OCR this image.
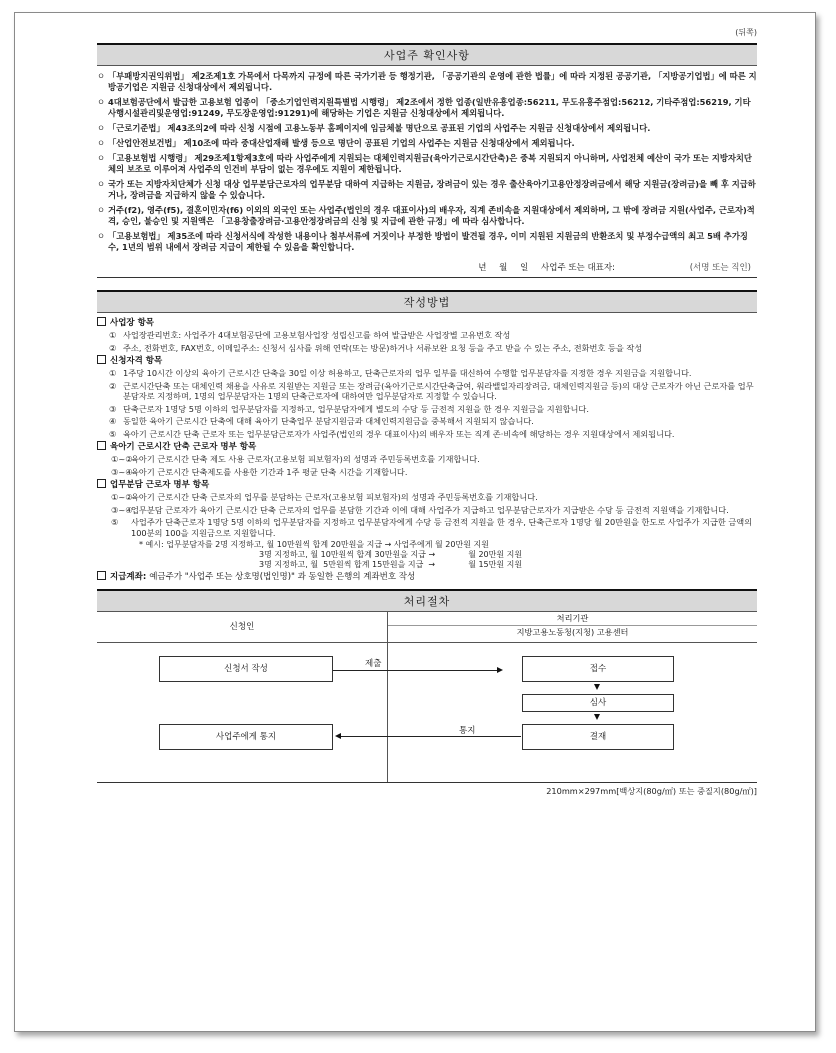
(뒤쪽)
사업주 확인사항
ㅇ 「부패방지권익위법」 제2조제1호 가목에서 다목까지 규정에 따른 국가기관 등 행정기관, 「공공기관의 운영에 관한 법률」에 따라 지정된 공공기관, 「지방공기업법」에 따른 지방공기업은 지원금 신청대상에서 제외됩니다.
ㅇ 4대보험공단에서 발급한 고용보험 업종이 「중소기업인력지원특별법 시행령」 제2조에서 정한 업종(일반유흥업종:56211, 무도유흥주점업:56212, 기타주점업:56219, 기타사행시설관리및운영업:91249, 무도장운영업:91291)에 해당하는 기업은 지원금 신청대상에서 제외됩니다.
ㅇ 「근로기준법」 제43조의2에 따라 신청 시점에 고용노동부 홈페이지에 임금체불 명단으로 공표된 기업의 사업주는 지원금 신청대상에서 제외됩니다.
ㅇ 「산업안전보건법」 제10조에 따라 중대산업재해 발생 등으로 명단이 공표된 기업의 사업주는 지원금 신청대상에서 제외됩니다.
ㅇ 「고용보험법 시행령」 제29조제1항제3호에 따라 사업주에게 지원되는 대체인력지원금(육아기근로시간단축)은 중복 지원되지 아니하며, 사업전체 예산이 국가 또는 지방자치단체의 보조로 이루어져 사업주의 인건비 부담이 없는 경우에도 지원이 제한됩니다.
ㅇ 국가 또는 지방자치단체가 신청 대상 업무분담근로자의 업무분담 대하여 지급하는 지원금, 장려금이 있는 경우 출산육아기고용안정장려금에서 해당 지원금(장려금)을 빼 후 지급하거나, 장려금을 지급하지 않을 수 있습니다.
ㅇ 거주(f2), 영주(f5), 결혼이민자(f6) 이외의 외국인 또는 사업주(법인의 경우 대표이사)의 배우자, 직계 존비속을 지원대상에서 제외하며, 그 밖에 장려금 지원(사업주, 근로자)적격, 승인, 불승인 및 지원액은 「고용창출장려금·고용안정장려금의 신청 및 지급에 관한 규정」에 따라 심사합니다.
ㅇ 「고용보험법」 제35조에 따라 신청서식에 작성한 내용이나 첨부서류에 거짓이나 부정한 방법이 발견될 경우, 이미 지원된 지원금의 반환조치 및 부정수급액의 최고 5배 추가징수, 1년의 범위 내에서 장려금 지급이 제한될 수 있음을 확인합니다.
년 월 일 사업주 또는 대표자:	(서명 또는 직인)
작성방법
사업장 항목
① 사업장관리번호: 사업주가 4대보험공단에 고용보험사업장 성립신고를 하여 발급받은 사업장별 고유번호 작성
② 주소, 전화번호, FAX번호, 이메일주소: 신청서 심사를 위해 연락(또는 방문)하거나 서류보완 요청 등을 주고 받을 수 있는 주소, 전화번호 등을 작성
신청자격 항목
① 1주당 10시간 이상의 육아기 근로시간 단축을 30일 이상 허용하고, 단축근로자의 업무 일부를 대신하여 수행할 업무분담자를 지정한 경우 지원금을 지원합니다.
② 근로시간단축 또는 대체인력 채용을 사유로 지원받는 지원금 또는 장려금(육아기근로시간단축급여, 워라밸일자리장려금, 대체인력지원금 등)의 대상 근로자가 아닌 근로자를 업무분담자로 지정하며, 1명의 업무분담자는 1명의 단축근로자에 대하여만 업무분담자로 지정할 수 있습니다.
③ 단축근로자 1명당 5명 이하의 업무분담자를 지정하고, 업무분담자에게 별도의 수당 등 금전적 지원을 한 경우 지원금을 지원합니다.
④ 동일한 육아기 근로시간 단축에 대해 육아기 단축업무 분담지원금과 대체인력지원금을 중복해서 지원되지 않습니다.
⑤ 육아기 근로시간 단축 근로자 또는 업무분담근로자가 사업주(법인의 경우 대표이사)의 배우자 또는 직계 존·비속에 해당하는 경우 지원대상에서 제외됩니다.
육아기 근로시간 단축 근로자 명부 항목
①~②
육아기 근로시간 단축 제도 사용 근로자(고용보험 피보험자)의 성명과 주민등록번호를 기재합니다.
③~④
육아기 근로시간 단축제도를 사용한 기간과 1주 평균 단축 시간을 기재합니다.
업무분담 근로자 명부 항목
①~②
육아기 근로시간 단축 근로자의 업무를 분담하는 근로자(고용보험 피보험자)의 성명과 주민등록번호를 기재합니다.
③~④
업무분담 근로자가 육아기 근로시간 단축 근로자의 업무를 분담한 기간과 이에 대해 사업주가 지급하고 업무분담근로자가 지급받은 수당 등 금전적 지원액을 기재합니다.
⑤ 사업주가 단축근로자 1명당 5명 이하의 업무분담자를 지정하고 업무분담자에게 수당 등 금전적 지원을 한 경우, 단축근로자 1명당 월 20만원을 한도로 사업주가 지급한 금액의 100분의 100을 지원금으로 지원합니다.
* 예시: 업무분담자를 2명 지정하고, 월 10만원씩 합계 20만원을 지급 → 사업주에게 월 20만원 지원
3명 지정하고, 월 10만원씩 합계 30만원을 지급 →             월 20만원 지원
3명 지정하고, 월  5만원씩 합계 15만원을 지급  →             월 15만원 지원
지급계좌: 예금주가 "사업주 또는 상호명(법인명)" 과 동일한 은행의 계좌번호 작성
처리절차
신청인
처리기관
지방고용노동청(지청) 고용센터
신청서 작성	제출	접수
심사
결재
통지
사업주에게 통지
210mm×297mm[백상지(80g/㎡) 또는 중질지(80g/㎡)]
